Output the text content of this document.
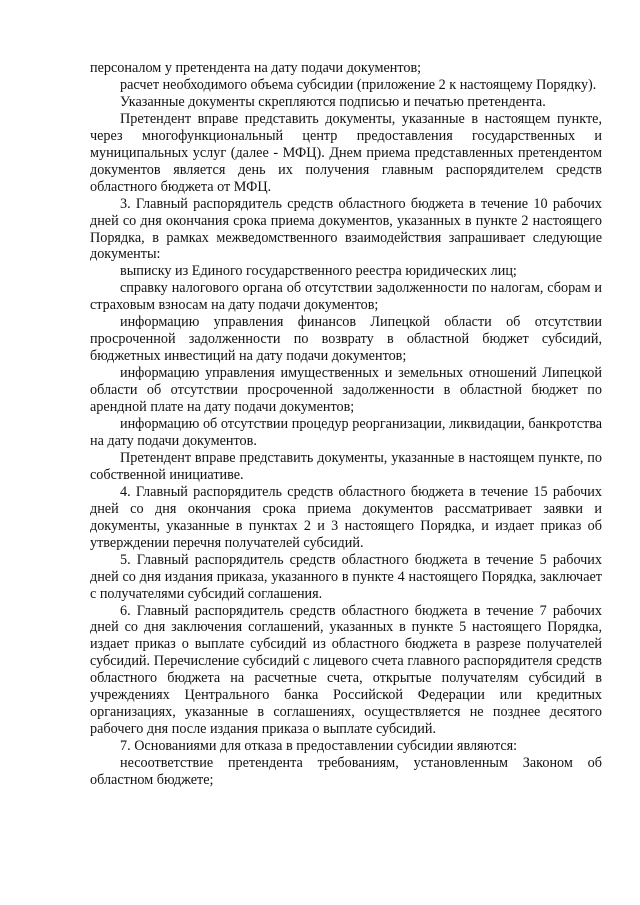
персоналом у претендента на дату подачи документов;

расчет необходимого объема субсидии (приложение 2 к настоящему Порядку).

Указанные документы скрепляются подписью и печатью претендента.

Претендент вправе представить документы, указанные в настоящем пункте, через многофункциональный центр предоставления государственных и муниципальных услуг (далее - МФЦ). Днем приема представленных претендентом документов является день их получения главным распорядителем средств областного бюджета от МФЦ.

3. Главный распорядитель средств областного бюджета в течение 10 рабочих дней со дня окончания срока приема документов, указанных в пункте 2 настоящего Порядка, в рамках межведомственного взаимодействия запрашивает следующие документы:

выписку из Единого государственного реестра юридических лиц;

справку налогового органа об отсутствии задолженности по налогам, сборам и страховым взносам на дату подачи документов;

информацию управления финансов Липецкой области об отсутствии просроченной задолженности по возврату в областной бюджет субсидий, бюджетных инвестиций на дату подачи документов;

информацию управления имущественных и земельных отношений Липецкой области об отсутствии просроченной задолженности в областной бюджет по арендной плате на дату подачи документов;

информацию об отсутствии процедур реорганизации, ликвидации, банкротства на дату подачи документов.

Претендент вправе представить документы, указанные в настоящем пункте, по собственной инициативе.

4. Главный распорядитель средств областного бюджета в течение 15 рабочих дней со дня окончания срока приема документов рассматривает заявки и документы, указанные в пунктах 2 и 3 настоящего Порядка, и издает приказ об утверждении перечня получателей субсидий.

5. Главный распорядитель средств областного бюджета в течение 5 рабочих дней со дня издания приказа, указанного в пункте 4 настоящего Порядка, заключает с получателями субсидий соглашения.

6. Главный распорядитель средств областного бюджета в течение 7 рабочих дней со дня заключения соглашений, указанных в пункте 5 настоящего Порядка, издает приказ о выплате субсидий из областного бюджета в разрезе получателей субсидий. Перечисление субсидий с лицевого счета главного распорядителя средств областного бюджета на расчетные счета, открытые получателям субсидий в учреждениях Центрального банка Российской Федерации или кредитных организациях, указанные в соглашениях, осуществляется не позднее десятого рабочего дня после издания приказа о выплате субсидий.

7. Основаниями для отказа в предоставлении субсидии являются:

несоответствие претендента требованиям, установленным Законом об областном бюджете;
